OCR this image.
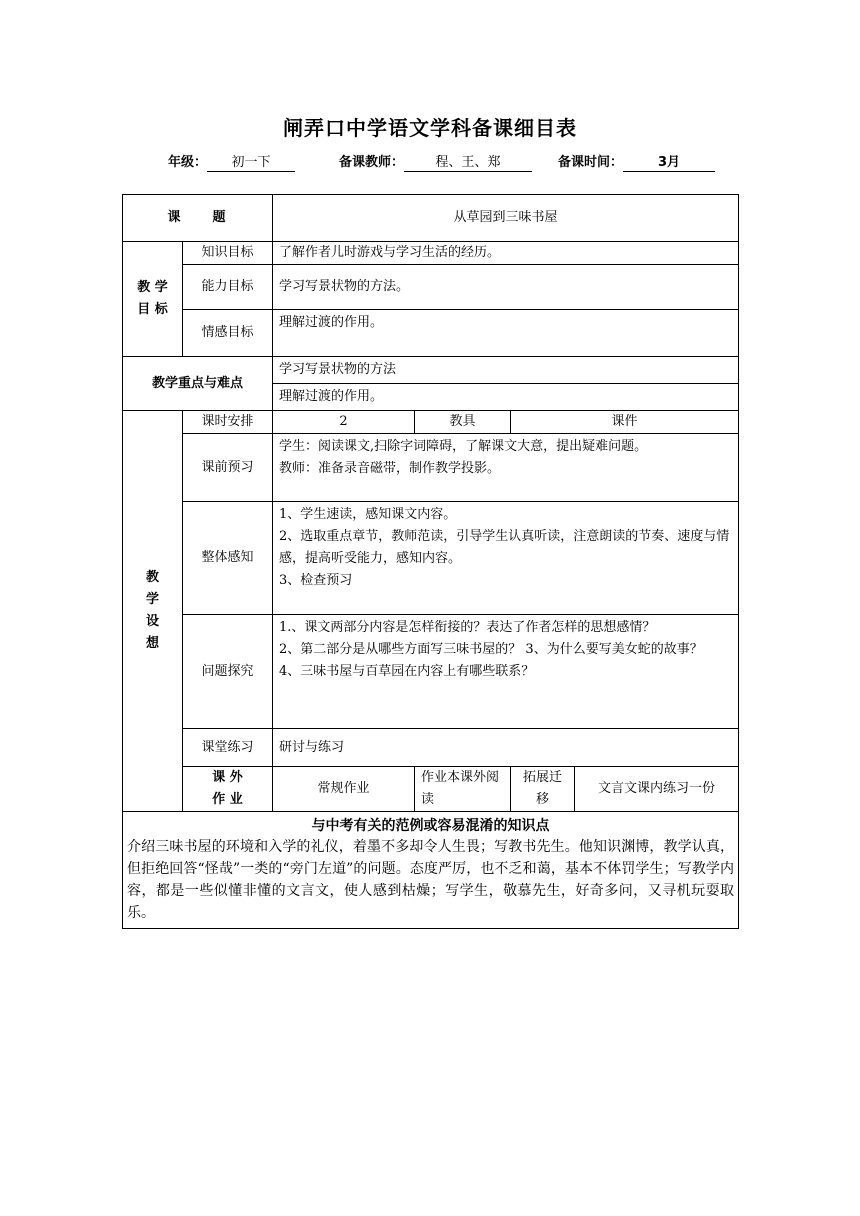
闸弄口中学语文学科备课细目表
年级： 初一下	备课教师： 程、王、郑	备课时间：	3月
课　　题		从草园到三味书屋			

教 学 目 标	知识目标	了解作者儿时游戏与学习生活的经历。			
	能力目标	学习写景状物的方法。			
	情感目标	理解过渡的作用。			
教学重点与难点		学习写景状物的方法			
		理解过渡的作用。			

教
学
设
想	课时安排	2	教具	课件	
	课前预习	学生：阅读课文,扫除字词障碍，了解课文大意，提出疑难问题。

教师：准备录音磁带，制作教学投影。			

	整体感知	1、学生速读，感知课文内容。

2、选取重点章节，教师范读，引导学生认真听读，注意朗读的节奏、速度与情感，提高听受能力，感知内容。

3、检查预习			

	问题探究	1.、课文两部分内容是怎样衔接的？表达了作者怎样的思想感情？

2、第二部分是从哪些方面写三味书屋的？ 3、为什么要写美女蛇的故事？

4、三味书屋与百草园在内容上有哪些联系？			

	课堂练习	研讨与练习			

	课 外 作 业	常规作业	作业本课外阅读	拓展迁移	文言文课内练习一份

与中考有关的范例或容易混淆的知识点
介绍三味书屋的环境和入学的礼仪，着墨不多却令人生畏；写教书先生。他知识渊博，教学认真，但拒绝回答“怪哉”一类的“旁门左道”的问题。态度严厉，也不乏和蔼，基本不体罚学生；写教学内容，都是一些似懂非懂的文言文，使人感到枯燥；写学生，敬慕先生，好奇多问，又寻机玩耍取乐。					
